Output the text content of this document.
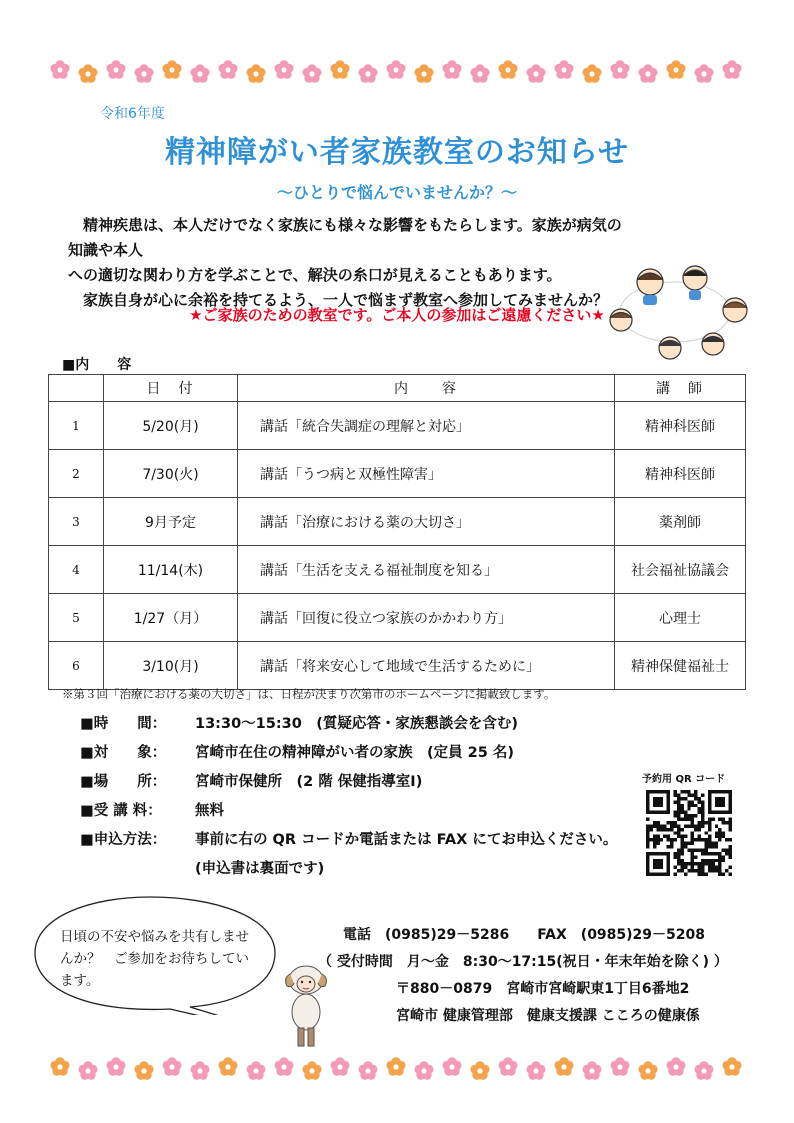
令和6年度
精神障がい者家族教室のお知らせ
～ひとりで悩んでいませんか？～

　精神疾患は、本人だけでなく家族にも様々な影響をもたらします。家族が病気の知識や本人

への適切な関わり方を学ぶことで、解決の糸口が見えることもあります。

　家族自身が心に余裕を持てるよう、一人で悩まず教室へ参加してみませんか？

★ご家族のための教室です。ご本人の参加はご遠慮ください★
■内　　容
	日　付	内　　容	講　師
1	5/20(月)	講話「統合失調症の理解と対応」	精神科医師
2	7/30(火)	講話「うつ病と双極性障害」	精神科医師
3	9月予定	講話「治療における薬の大切さ」	薬剤師
4	11/14(木)	講話「生活を支える福祉制度を知る」	社会福祉協議会
5	1/27（月）	講話「回復に役立つ家族のかかわり方」	心理士
6	3/10(月)	講話「将来安心して地域で生活するために」	精神保健福祉士
※第３回「治療における薬の大切さ」は、日程が決まり次第市のホームページに掲載致します。
■時　　間： 13:30～15:30　(質疑応答・家族懇談会を含む)
■対　　象： 宮崎市在住の精神障がい者の家族　(定員 25 名)
■場　　所： 宮崎市保健所　(2 階 保健指導室Ⅰ)
■受 講 料： 無料
■申込方法： 事前に右の QR コードか電話または FAX にてお申込ください。
(申込書は裏面です)
予約用 QR コード
日頃の不安や悩みを共有しませんか？　ご参加をお待ちしています。
電話　(0985)29－5286　　FAX　(0985)29－5208
（ 受付時間　月～金　8:30～17:15(祝日・年末年始を除く) ）
〒880－0879　宮崎市宮崎駅東1丁目6番地2
宮崎市 健康管理部　健康支援課 こころの健康係
